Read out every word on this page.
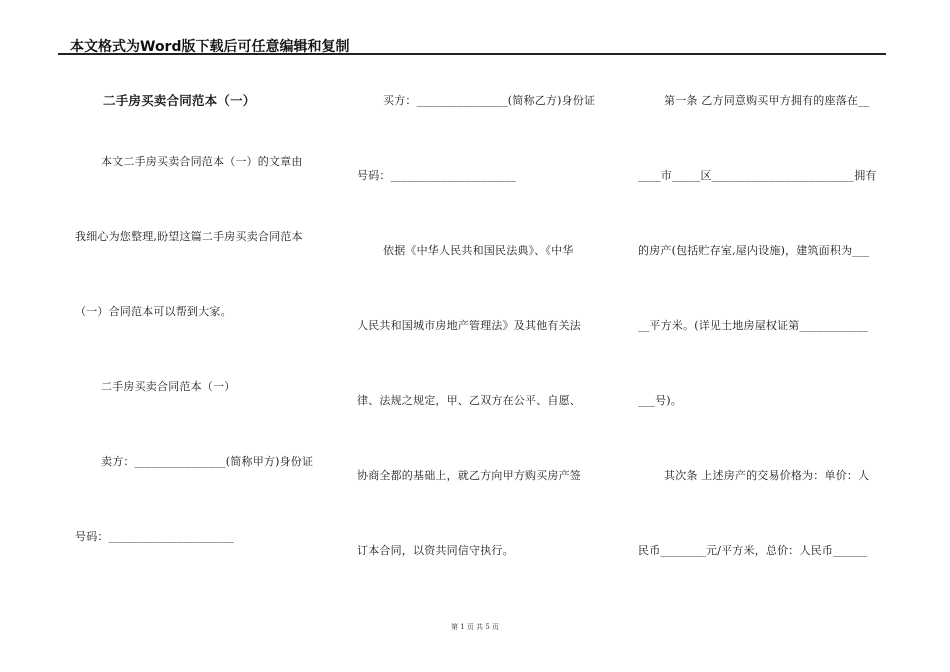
本文格式为Word版下载后可任意编辑和复制
二手房买卖合同范本（一）
本文二手房买卖合同范本（一）的文章由
我细心为您整理,盼望这篇二手房买卖合同范本
（一）合同范本可以帮到大家。
二手房买卖合同范本（一）
卖方：________________(简称甲方)身份证
号码：______________________
买方：________________(简称乙方)身份证
号码：______________________
依据《中华人民共和国民法典》、《中华
人民共和国城市房地产管理法》及其他有关法
律、法规之规定，甲、乙双方在公平、自愿、
协商全都的基础上，就乙方向甲方购买房产签
订本合同，以资共同信守执行。
第一条 乙方同意购买甲方拥有的座落在__
____市_____区_________________________拥有
的房产(包括贮存室,屋内设施)，建筑面积为___
__平方米。(详见土地房屋权证第____________
___号)。
其次条 上述房产的交易价格为：单价：人
民币________元/平方米，总价：人民币______
第 1 页 共 5 页
